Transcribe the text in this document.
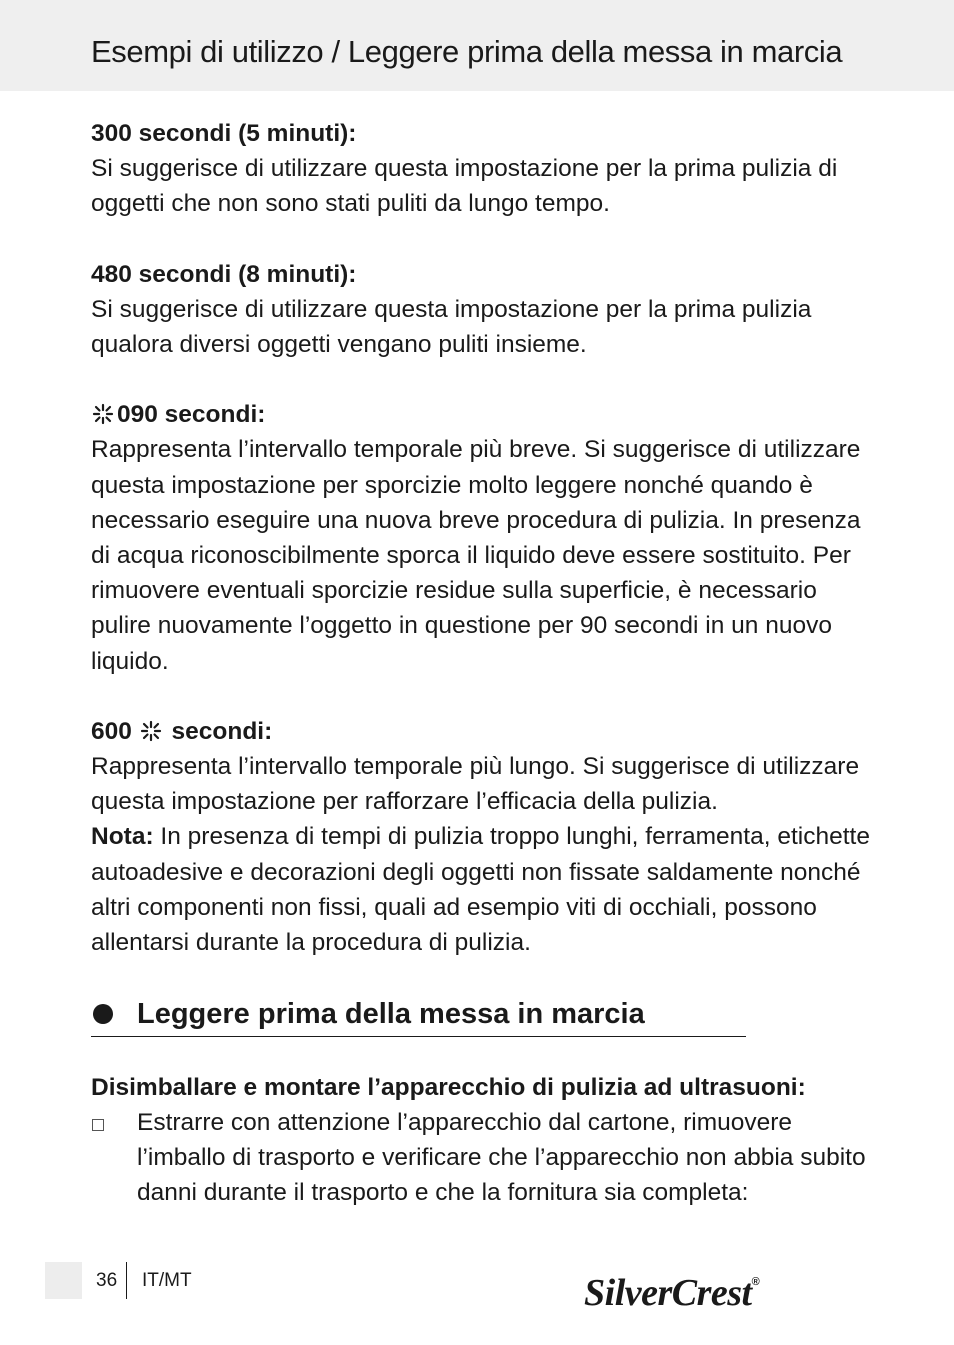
Esempi di utilizzo / Leggere prima della messa in marcia

300 secondi (5 minuti):

Si suggerisce di utilizzare questa impostazione per la prima pulizia di oggetti che non sono stati puliti da lungo tempo.

480 secondi (8 minuti):

Si suggerisce di utilizzare questa impostazione per la prima pulizia qualora diversi oggetti vengano puliti insieme.

090 secondi:

Rappresenta l’intervallo temporale più breve. Si suggerisce di utilizzare questa impostazione per sporcizie molto leggere nonché quando è necessario eseguire una nuova breve procedura di pulizia. In presenza di acqua riconoscibilmente sporca il liquido deve essere sostituito. Per rimuovere eventuali sporcizie residue sulla superficie, è necessario pulire nuovamente l’oggetto in questione per 90 secondi in un nuovo liquido.

600 secondi:

Rappresenta l’intervallo temporale più lungo. Si suggerisce di utilizzare questa impostazione per rafforzare l’efficacia della pulizia.

Nota: In presenza di tempi di pulizia troppo lunghi, ferramenta, etichette autoadesive e decorazioni degli oggetti non fissate saldamente nonché altri componenti non fissi, quali ad esempio viti di occhiali, possono allentarsi durante la procedura di pulizia.

Leggere prima della messa in marcia

Disimballare e montare l’apparecchio di pulizia ad ultrasuoni:

Estrarre con attenzione l’apparecchio dal cartone, rimuovere l’imballo di trasporto e verificare che l’apparecchio non abbia subito danni durante il trasporto e che la fornitura sia completa:

36 IT/MT	SilverCrest®
